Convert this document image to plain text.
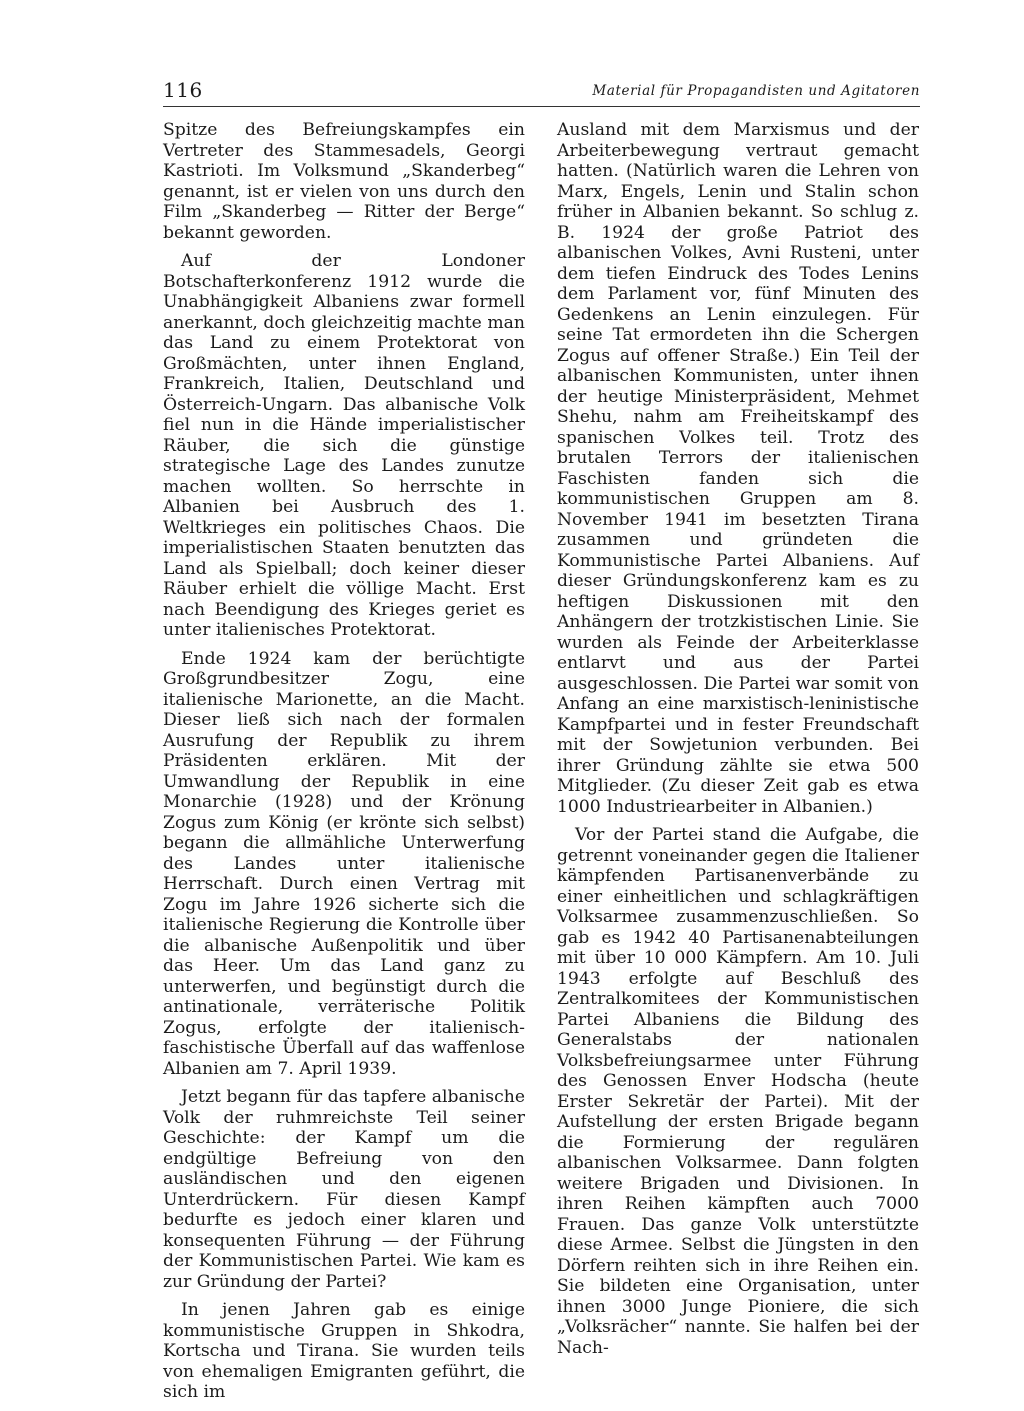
116	Material für Propagandisten und Agitatoren

Spitze des Befreiungskampfes ein Vertreter des Stammesadels, Georgi Kastrioti. Im Volksmund „Skanderbeg“ genannt, ist er vielen von uns durch den Film „Skanderbeg — Ritter der Berge“ bekannt geworden.

Auf der Londoner Botschafterkonferenz 1912 wurde die Unabhängigkeit Albaniens zwar formell anerkannt, doch gleichzeitig machte man das Land zu einem Protektorat von Großmächten, unter ihnen England, Frankreich, Italien, Deutschland und Österreich-Ungarn. Das albanische Volk fiel nun in die Hände imperialistischer Räuber, die sich die günstige strategische Lage des Landes zunutze machen wollten. So herrschte in Albanien bei Ausbruch des 1. Weltkrieges ein politisches Chaos. Die imperialistischen Staaten benutzten das Land als Spielball; doch keiner dieser Räuber erhielt die völlige Macht. Erst nach Beendigung des Krieges geriet es unter italienisches Protektorat.

Ende 1924 kam der berüchtigte Großgrundbesitzer Zogu, eine italienische Marionette, an die Macht. Dieser ließ sich nach der formalen Ausrufung der Republik zu ihrem Präsidenten erklären. Mit der Umwandlung der Republik in eine Monarchie (1928) und der Krönung Zogus zum König (er krönte sich selbst) begann die allmähliche Unterwerfung des Landes unter italienische Herrschaft. Durch einen Vertrag mit Zogu im Jahre 1926 sicherte sich die italienische Regierung die Kontrolle über die albanische Außenpolitik und über das Heer. Um das Land ganz zu unterwerfen, und begünstigt durch die antinationale, verräterische Politik Zogus, erfolgte der italienisch-faschistische Überfall auf das waffenlose Albanien am 7. April 1939.

Jetzt begann für das tapfere albanische Volk der ruhmreichste Teil seiner Geschichte: der Kampf um die endgültige Befreiung von den ausländischen und den eigenen Unterdrückern. Für diesen Kampf bedurfte es jedoch einer klaren und konsequenten Führung — der Führung der Kommunistischen Partei. Wie kam es zur Gründung der Partei?

In jenen Jahren gab es einige kommunistische Gruppen in Shkodra, Kortscha und Tirana. Sie wurden teils von ehemaligen Emigranten geführt, die sich im

Ausland mit dem Marxismus und der Arbeiterbewegung vertraut gemacht hatten. (Natürlich waren die Lehren von Marx, Engels, Lenin und Stalin schon früher in Albanien bekannt. So schlug z. B. 1924 der große Patriot des albanischen Volkes, Avni Rusteni, unter dem tiefen Eindruck des Todes Lenins dem Parlament vor, fünf Minuten des Gedenkens an Lenin einzulegen. Für seine Tat ermordeten ihn die Schergen Zogus auf offener Straße.) Ein Teil der albanischen Kommunisten, unter ihnen der heutige Ministerpräsident, Mehmet Shehu, nahm am Freiheitskampf des spanischen Volkes teil. Trotz des brutalen Terrors der italienischen Faschisten fanden sich die kommunistischen Gruppen am 8. November 1941 im besetzten Tirana zusammen und gründeten die Kommunistische Partei Albaniens. Auf dieser Gründungskonferenz kam es zu heftigen Diskussionen mit den Anhängern der trotzkistischen Linie. Sie wurden als Feinde der Arbeiterklasse entlarvt und aus der Partei ausgeschlossen. Die Partei war somit von Anfang an eine marxistisch-leninistische Kampfpartei und in fester Freundschaft mit der Sowjetunion verbunden. Bei ihrer Gründung zählte sie etwa 500 Mitglieder. (Zu dieser Zeit gab es etwa 1000 Industriearbeiter in Albanien.)

Vor der Partei stand die Aufgabe, die getrennt voneinander gegen die Italiener kämpfenden Partisanenverbände zu einer einheitlichen und schlagkräftigen Volksarmee zusammenzuschließen. So gab es 1942 40 Partisanenabteilungen mit über 10 000 Kämpfern. Am 10. Juli 1943 erfolgte auf Beschluß des Zentralkomitees der Kommunistischen Partei Albaniens die Bildung des Generalstabs der nationalen Volksbefreiungsarmee unter Führung des Genossen Enver Hodscha (heute Erster Sekretär der Partei). Mit der Aufstellung der ersten Brigade begann die Formierung der regulären albanischen Volksarmee. Dann folgten weitere Brigaden und Divisionen. In ihren Reihen kämpften auch 7000 Frauen. Das ganze Volk unterstützte diese Armee. Selbst die Jüngsten in den Dörfern reihten sich in ihre Reihen ein. Sie bildeten eine Organisation, unter ihnen 3000 Junge Pioniere, die sich „Volksrächer“ nannte. Sie halfen bei der Nach-
